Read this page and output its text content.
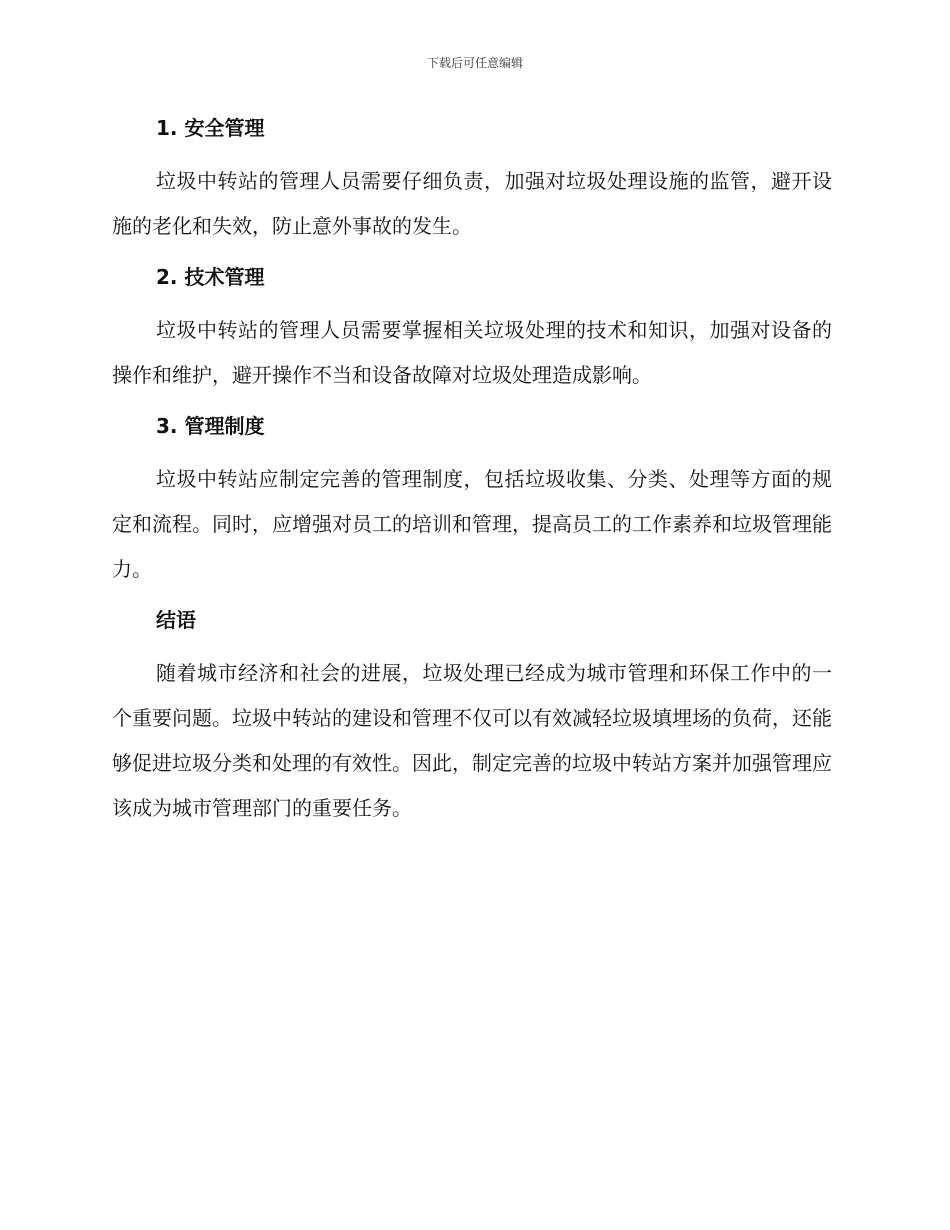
下载后可任意编辑
1. 安全管理

垃圾中转站的管理人员需要仔细负责，加强对垃圾处理设施的监管，避开设施的老化和失效，防止意外事故的发生。

2. 技术管理

垃圾中转站的管理人员需要掌握相关垃圾处理的技术和知识，加强对设备的操作和维护，避开操作不当和设备故障对垃圾处理造成影响。

3. 管理制度

垃圾中转站应制定完善的管理制度，包括垃圾收集、分类、处理等方面的规定和流程。同时，应增强对员工的培训和管理，提高员工的工作素养和垃圾管理能力。

结语

随着城市经济和社会的进展，垃圾处理已经成为城市管理和环保工作中的一个重要问题。垃圾中转站的建设和管理不仅可以有效减轻垃圾填埋场的负荷，还能够促进垃圾分类和处理的有效性。因此，制定完善的垃圾中转站方案并加强管理应该成为城市管理部门的重要任务。
